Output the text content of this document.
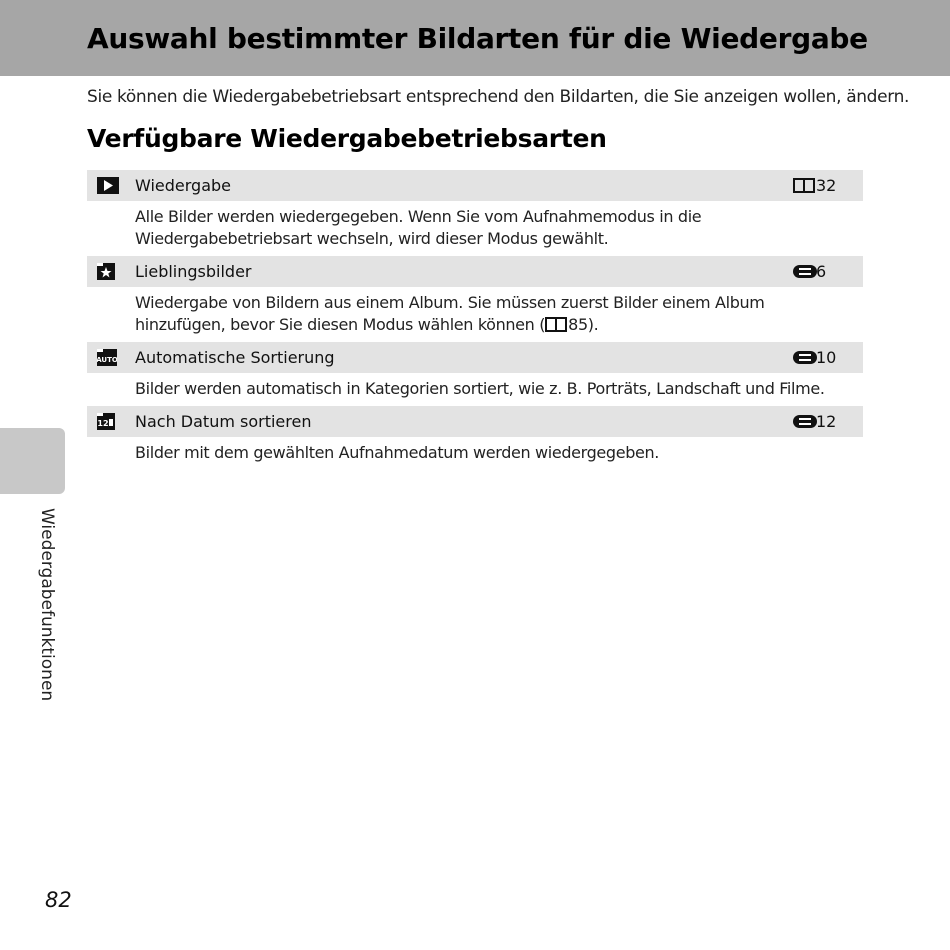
Auswahl bestimmter Bildarten für die Wiedergabe

Sie können die Wiedergabebetriebsart entsprechend den Bildarten, die Sie anzeigen wollen, ändern.

Verfügbare Wiedergabebetriebsarten
Wiedergabe	32
Alle Bilder werden wiedergegeben. Wenn Sie vom Aufnahmemodus in die Wiedergabebetriebsart wechseln, wird dieser Modus gewählt.
Lieblingsbilder	6
Wiedergabe von Bildern aus einem Album. Sie müssen zuerst Bilder einem Album hinzufügen, bevor Sie diesen Modus wählen können ( 85).
AUTO Automatische Sortierung	10
Bilder werden automatisch in Kategorien sortiert, wie z. B. Porträts, Landschaft und Filme.
12 Nach Datum sortieren	12
Bilder mit dem gewählten Aufnahmedatum werden wiedergegeben.
Wiedergabefunktionen
82
